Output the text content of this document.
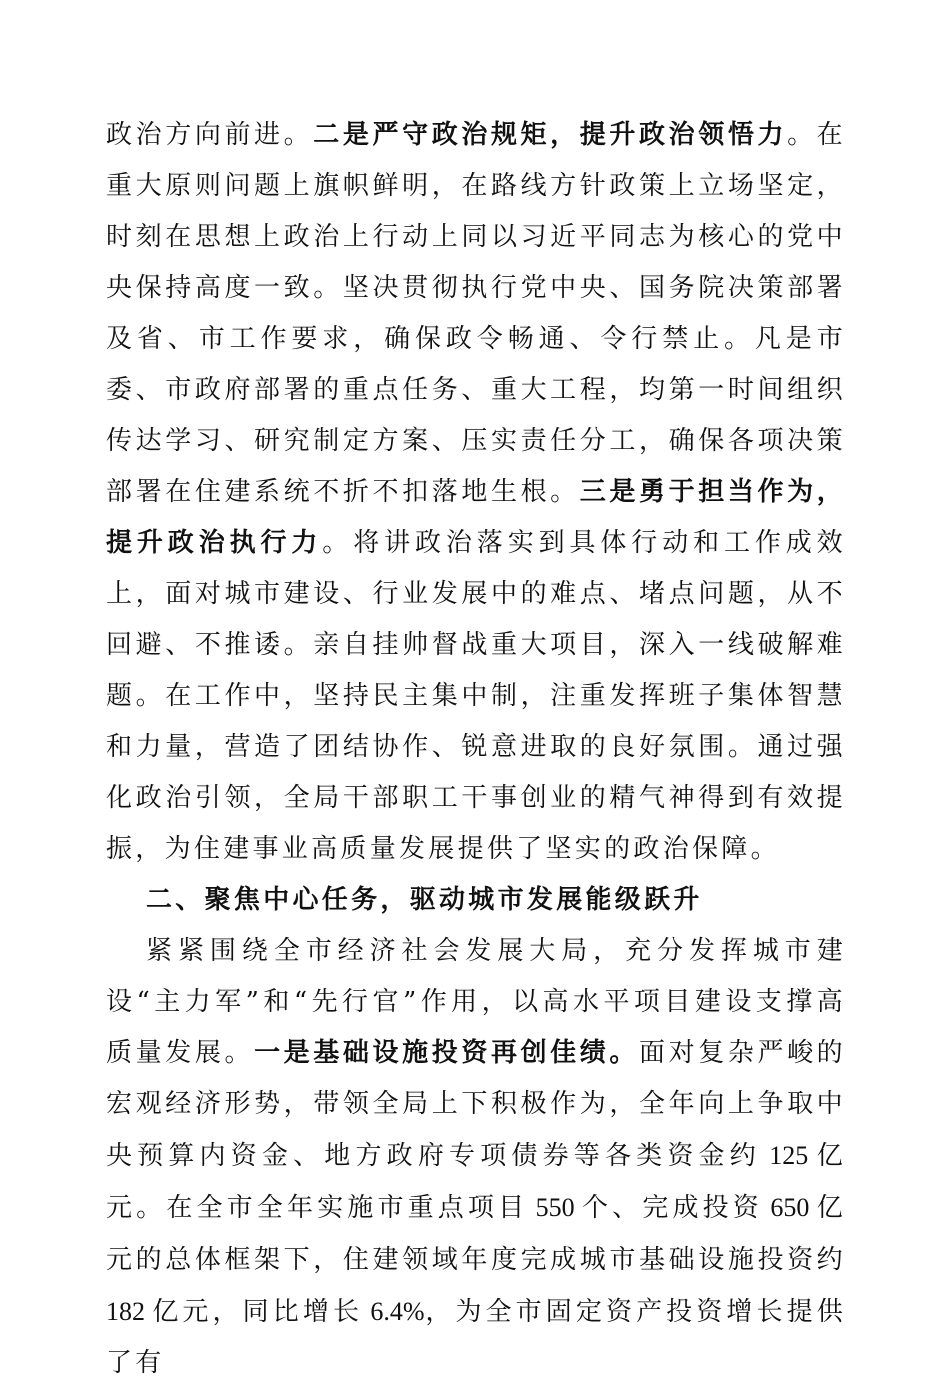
政治方向前进。二是严守政治规矩，提升政治领悟力。在重大原则问题上旗帜鲜明，在路线方针政策上立场坚定，时刻在思想上政治上行动上同以习近平同志为核心的党中央保持高度一致。坚决贯彻执行党中央、国务院决策部署及省、市工作要求，确保政令畅通、令行禁止。凡是市委、市政府部署的重点任务、重大工程，均第一时间组织传达学习、研究制定方案、压实责任分工，确保各项决策部署在住建系统不折不扣落地生根。三是勇于担当作为，提升政治执行力。将讲政治落实到具体行动和工作成效上，面对城市建设、行业发展中的难点、堵点问题，从不回避、不推诿。亲自挂帅督战重大项目，深入一线破解难题。在工作中，坚持民主集中制，注重发挥班子集体智慧和力量，营造了团结协作、锐意进取的良好氛围。通过强化政治引领，全局干部职工干事创业的精气神得到有效提振，为住建事业高质量发展提供了坚实的政治保障。

二、聚焦中心任务，驱动城市发展能级跃升

紧紧围绕全市经济社会发展大局，充分发挥城市建设“主力军”和“先行官”作用，以高水平项目建设支撑高质量发展。一是基础设施投资再创佳绩。面对复杂严峻的宏观经济形势，带领全局上下积极作为，全年向上争取中央预算内资金、地方政府专项债券等各类资金约 125 亿元。在全市全年实施市重点项目 550 个、完成投资 650 亿元的总体框架下，住建领域年度完成城市基础设施投资约 182 亿元，同比增长 6.4%，为全市固定资产投资增长提供了有
